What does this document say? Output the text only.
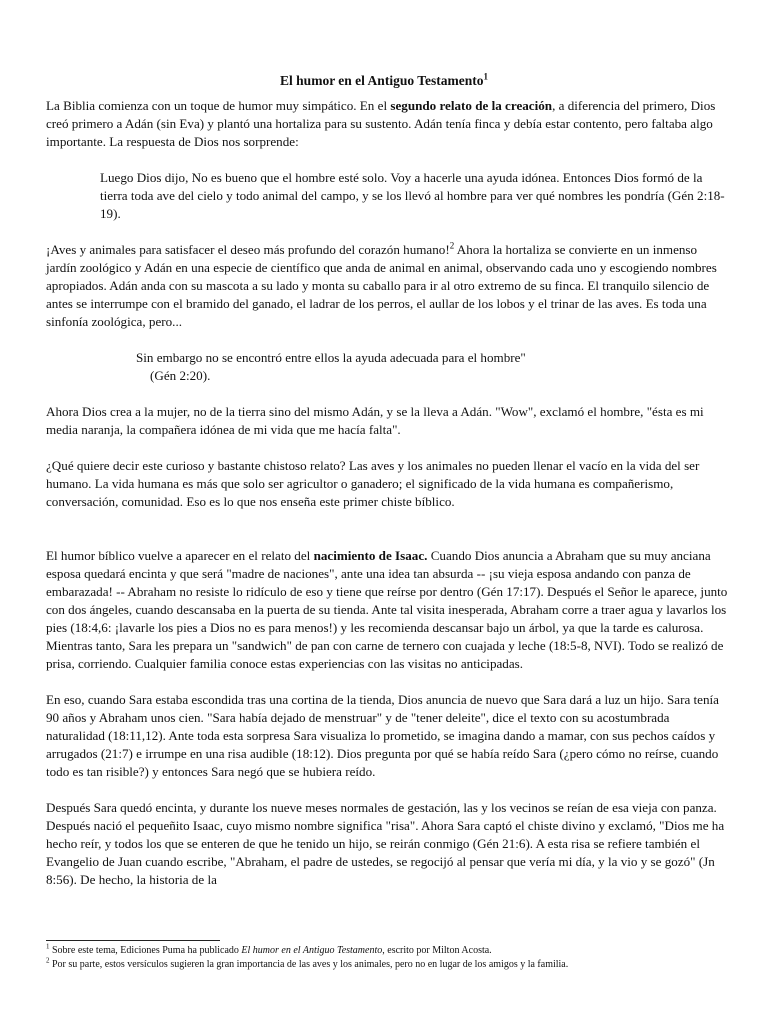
El humor en el Antiguo Testamento$^1$

La Biblia comienza con un toque de humor muy simpático. En el segundo relato de la creación, a diferencia del primero, Dios creó primero a Adán (sin Eva) y plantó una hortaliza para su sustento. Adán tenía finca y debía estar contento, pero faltaba algo importante. La respuesta de Dios nos sorprende:

Luego Dios dijo, No es bueno que el hombre esté solo. Voy a hacerle una ayuda idónea. Entonces Dios formó de la tierra toda ave del cielo y todo animal del campo, y se los llevó al hombre para ver qué nombres les pondría (Gén 2:18-19).

¡Aves y animales para satisfacer el deseo más profundo del corazón humano!$^2$ Ahora la hortaliza se convierte en un inmenso jardín zoológico y Adán en una especie de científico que anda de animal en animal, observando cada uno y escogiendo nombres apropiados. Adán anda con su mascota a su lado y monta su caballo para ir al otro extremo de su finca. El tranquilo silencio de antes se interrumpe con el bramido del ganado, el ladrar de los perros, el aullar de los lobos y el trinar de las aves. Es toda una sinfonía zoológica, pero...

Sin embargo no se encontró entre ellos la ayuda adecuada para el hombre"
(Gén 2:20).

Ahora Dios crea a la mujer, no de la tierra sino del mismo Adán, y se la lleva a Adán. "Wow", exclamó el hombre, "ésta es mi media naranja, la compañera idónea de mi vida que me hacía falta".

¿Qué quiere decir este curioso y bastante chistoso relato? Las aves y los animales no pueden llenar el vacío en la vida del ser humano. La vida humana es más que solo ser agricultor o ganadero; el significado de la vida humana es compañerismo, conversación, comunidad. Eso es lo que nos enseña este primer chiste bíblico.

El humor bíblico vuelve a aparecer en el relato del nacimiento de Isaac. Cuando Dios anuncia a Abraham que su muy anciana esposa quedará encinta y que será "madre de naciones", ante una idea tan absurda -- ¡su vieja esposa andando con panza de embarazada! -- Abraham no resiste lo ridículo de eso y tiene que reírse por dentro (Gén 17:17). Después el Señor le aparece, junto con dos ángeles, cuando descansaba en la puerta de su tienda. Ante tal visita inesperada, Abraham corre a traer agua y lavarlos los pies (18:4,6: ¡lavarle los pies a Dios no es para menos!) y les recomienda descansar bajo un árbol, ya que la tarde es calurosa. Mientras tanto, Sara les prepara un "sandwich" de pan con carne de ternero con cuajada y leche (18:5-8, NVI). Todo se realizó de prisa, corriendo. Cualquier familia conoce estas experiencias con las visitas no anticipadas.

En eso, cuando Sara estaba escondida tras una cortina de la tienda, Dios anuncia de nuevo que Sara dará a luz un hijo. Sara tenía 90 años y Abraham unos cien. "Sara había dejado de menstruar" y de "tener deleite", dice el texto con su acostumbrada naturalidad (18:11,12). Ante toda esta sorpresa Sara visualiza lo prometido, se imagina dando a mamar, con sus pechos caídos y arrugados (21:7) e irrumpe en una risa audible (18:12). Dios pregunta por qué se había reído Sara (¿pero cómo no reírse, cuando todo es tan risible?) y entonces Sara negó que se hubiera reído.

Después Sara quedó encinta, y durante los nueve meses normales de gestación, las y los vecinos se reían de esa vieja con panza. Después nació el pequeñito Isaac, cuyo mismo nombre significa "risa". Ahora Sara captó el chiste divino y exclamó, "Dios me ha hecho reír, y todos los que se enteren de que he tenido un hijo, se reirán conmigo (Gén 21:6). A esta risa se refiere también el Evangelio de Juan cuando escribe, "Abraham, el padre de ustedes, se regocijó al pensar que vería mi día, y la vio y se gozó" (Jn 8:56). De hecho, la historia de la

$^1$ Sobre este tema, Ediciones Puma ha publicado El humor en el Antiguo Testamento, escrito por Milton Acosta.

$^2$ Por su parte, estos versículos sugieren la gran importancia de las aves y los animales, pero no en lugar de los amigos y la familia.
